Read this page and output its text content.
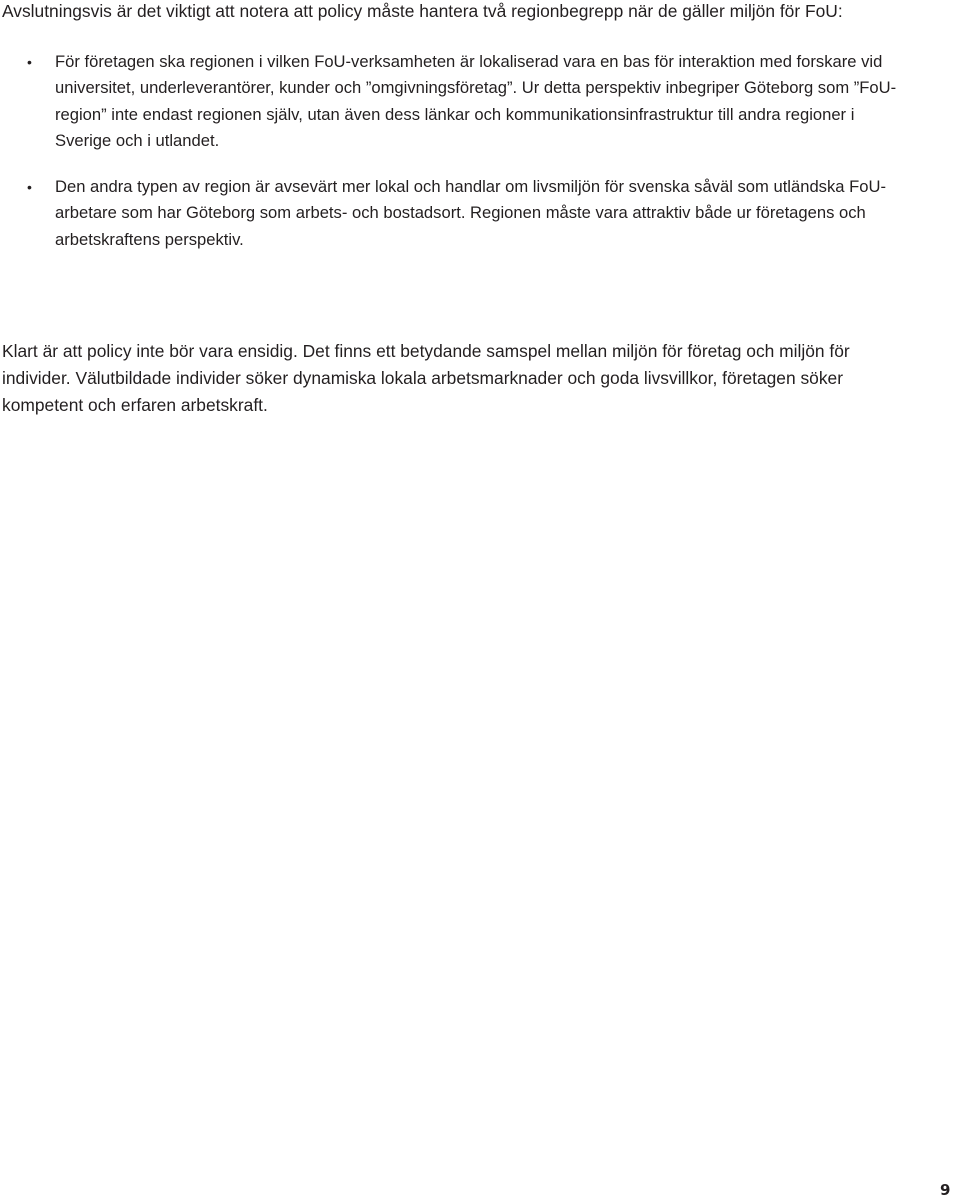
Avslutningsvis är det viktigt att notera att policy måste hantera två regionbegrepp när de gäller miljön för FoU:

• För företagen ska regionen i vilken FoU-verksamheten är lokaliserad vara en bas för interaktion med forskare vid universitet, underleverantörer, kunder och ”omgivningsföretag”. Ur detta perspektiv inbegriper Göteborg som ”FoU-region” inte endast regionen själv, utan även dess länkar och kommunikationsinfrastruktur till andra regioner i Sverige och i utlandet.
• Den andra typen av region är avsevärt mer lokal och handlar om livsmiljön för svenska såväl som utländska FoU-arbetare som har Göteborg som arbets- och bostadsort. Regionen måste vara attraktiv både ur företagens och arbetskraftens perspektiv.

Klart är att policy inte bör vara ensidig. Det finns ett betydande samspel mellan miljön för företag och miljön för individer. Välutbildade individer söker dynamiska lokala arbetsmarknader och goda livsvillkor, företagen söker kompetent och erfaren arbetskraft.

9
